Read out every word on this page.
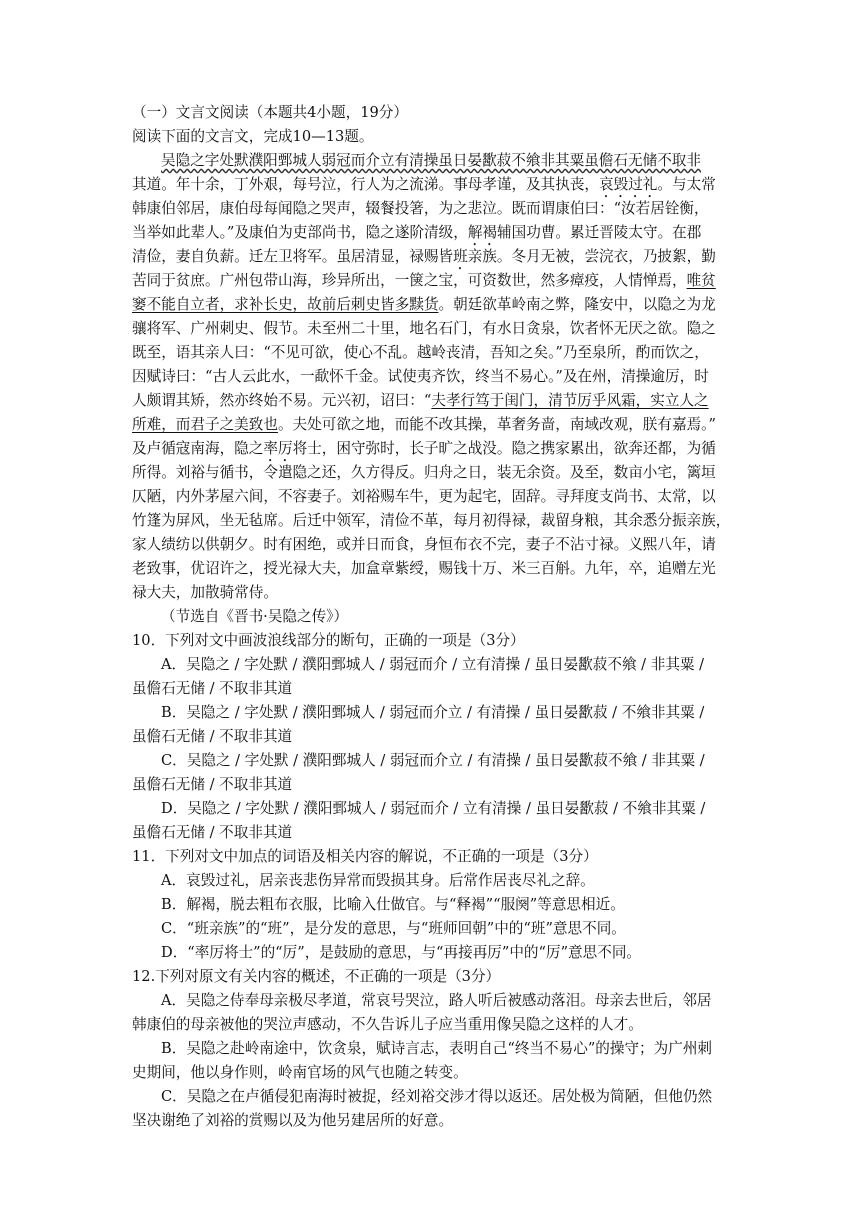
（一）文言文阅读（本题共4小题，19分）
阅读下面的文言文，完成10—13题。
吴隐之字处默濮阳鄄城人弱冠而介立有清操虽日晏歠菽不飨非其粟虽儋石无储不取非
其道。年十余，丁外艰，每号泣，行人为之流涕。事母孝谨，及其执丧，哀毁过礼。与太常
韩康伯邻居，康伯母每闻隐之哭声，辍餐投箸，为之悲泣。既而谓康伯曰：“汝若居铨衡，
当举如此辈人。”及康伯为吏部尚书，隐之遂阶清级，解褐辅国功曹。累迁晋陵太守。在郡
清俭，妻自负薪。迁左卫将军。虽居清显，禄赐皆班亲族。冬月无被，尝浣衣，乃披絮，勤
苦同于贫庶。广州包带山海，珍异所出，一箧之宝，可资数世，然多瘴疫，人情惮焉，唯贫
窭不能自立者，求补长史，故前后刺史皆多黩货。朝廷欲革岭南之弊，隆安中，以隐之为龙
骧将军、广州刺史、假节。未至州二十里，地名石门，有水日贪泉，饮者怀无厌之欲。隐之
既至，语其亲人曰：“不见可欲，使心不乱。越岭丧清，吾知之矣。”乃至泉所，酌而饮之，
因赋诗曰：“古人云此水，一歃怀千金。试使夷齐饮，终当不易心。”及在州，清操逾厉，时
人颇谓其矫，然亦终始不易。元兴初，诏曰：“夫孝行笃于闺门，清节厉乎风霜，实立人之
所难，而君子之美致也。夫处可欲之地，而能不改其操，革奢务啬，南域改观，朕有嘉焉。”
及卢循寇南海，隐之率厉将士，困守弥时，长子旷之战没。隐之携家累出，欲奔还都，为循
所得。刘裕与循书，令遣隐之还，久方得反。归舟之日，装无余资。及至，数亩小宅，篱垣
仄陋，内外茅屋六间，不容妻子。刘裕赐车牛，更为起宅，固辞。寻拜度支尚书、太常，以
竹篷为屏风，坐无毡席。后迁中领军，清俭不革，每月初得禄，裁留身粮，其余悉分振亲族，
家人绩纺以供朝夕。时有困绝，或并日而食，身恒布衣不完，妻子不沾寸禄。义熙八年，请
老致事，优诏许之，授光禄大夫，加盒章紫绶，赐钱十万、米三百斛。九年，卒，追赠左光
禄大夫，加散骑常侍。
（节选自《晋书·吴隐之传》）
10．下列对文中画波浪线部分的断句，正确的一项是（3分）
A．吴隐之 / 字处默 / 濮阳鄄城人 / 弱冠而介 / 立有清操 / 虽日晏歠菽不飨 / 非其粟 /
虽儋石无储 / 不取非其道
B．吴隐之 / 字处默 / 濮阳鄄城人 / 弱冠而介立 / 有清操 / 虽日晏歠菽 / 不飨非其粟 /
虽儋石无储 / 不取非其道
C．吴隐之 / 字处默 / 濮阳鄄城人 / 弱冠而介立 / 有清操 / 虽日晏歠菽不飨 / 非其粟 /
虽儋石无储 / 不取非其道
D．吴隐之 / 字处默 / 濮阳鄄城人 / 弱冠而介 / 立有清操 / 虽日晏歠菽 / 不飨非其粟 /
虽儋石无储 / 不取非其道
11．下列对文中加点的词语及相关内容的解说，不正确的一项是（3分）
A．哀毁过礼，居亲丧悲伤异常而毁损其身。后常作居丧尽礼之辞。
B．解褐，脱去粗布衣服，比喻入仕做官。与“释褐”“服阕”等意思相近。
C．“班亲族”的“班”，是分发的意思，与“班师回朝”中的“班”意思不同。
D．“率厉将士”的“厉”，是鼓励的意思，与“再接再厉”中的“厉”意思不同。
12.下列对原文有关内容的概述，不正确的一项是（3分）
A．吴隐之侍奉母亲极尽孝道，常哀号哭泣，路人听后被感动落泪。母亲去世后，邻居
韩康伯的母亲被他的哭泣声感动，不久告诉儿子应当重用像吴隐之这样的人才。
B．吴隐之赴岭南途中，饮贪泉，赋诗言志，表明自己“终当不易心”的操守；为广州刺
史期间，他以身作则，岭南官场的风气也随之转变。
C．吴隐之在卢循侵犯南海时被捉，经刘裕交涉才得以返还。居处极为简陋，但他仍然
坚决谢绝了刘裕的赏赐以及为他另建居所的好意。
